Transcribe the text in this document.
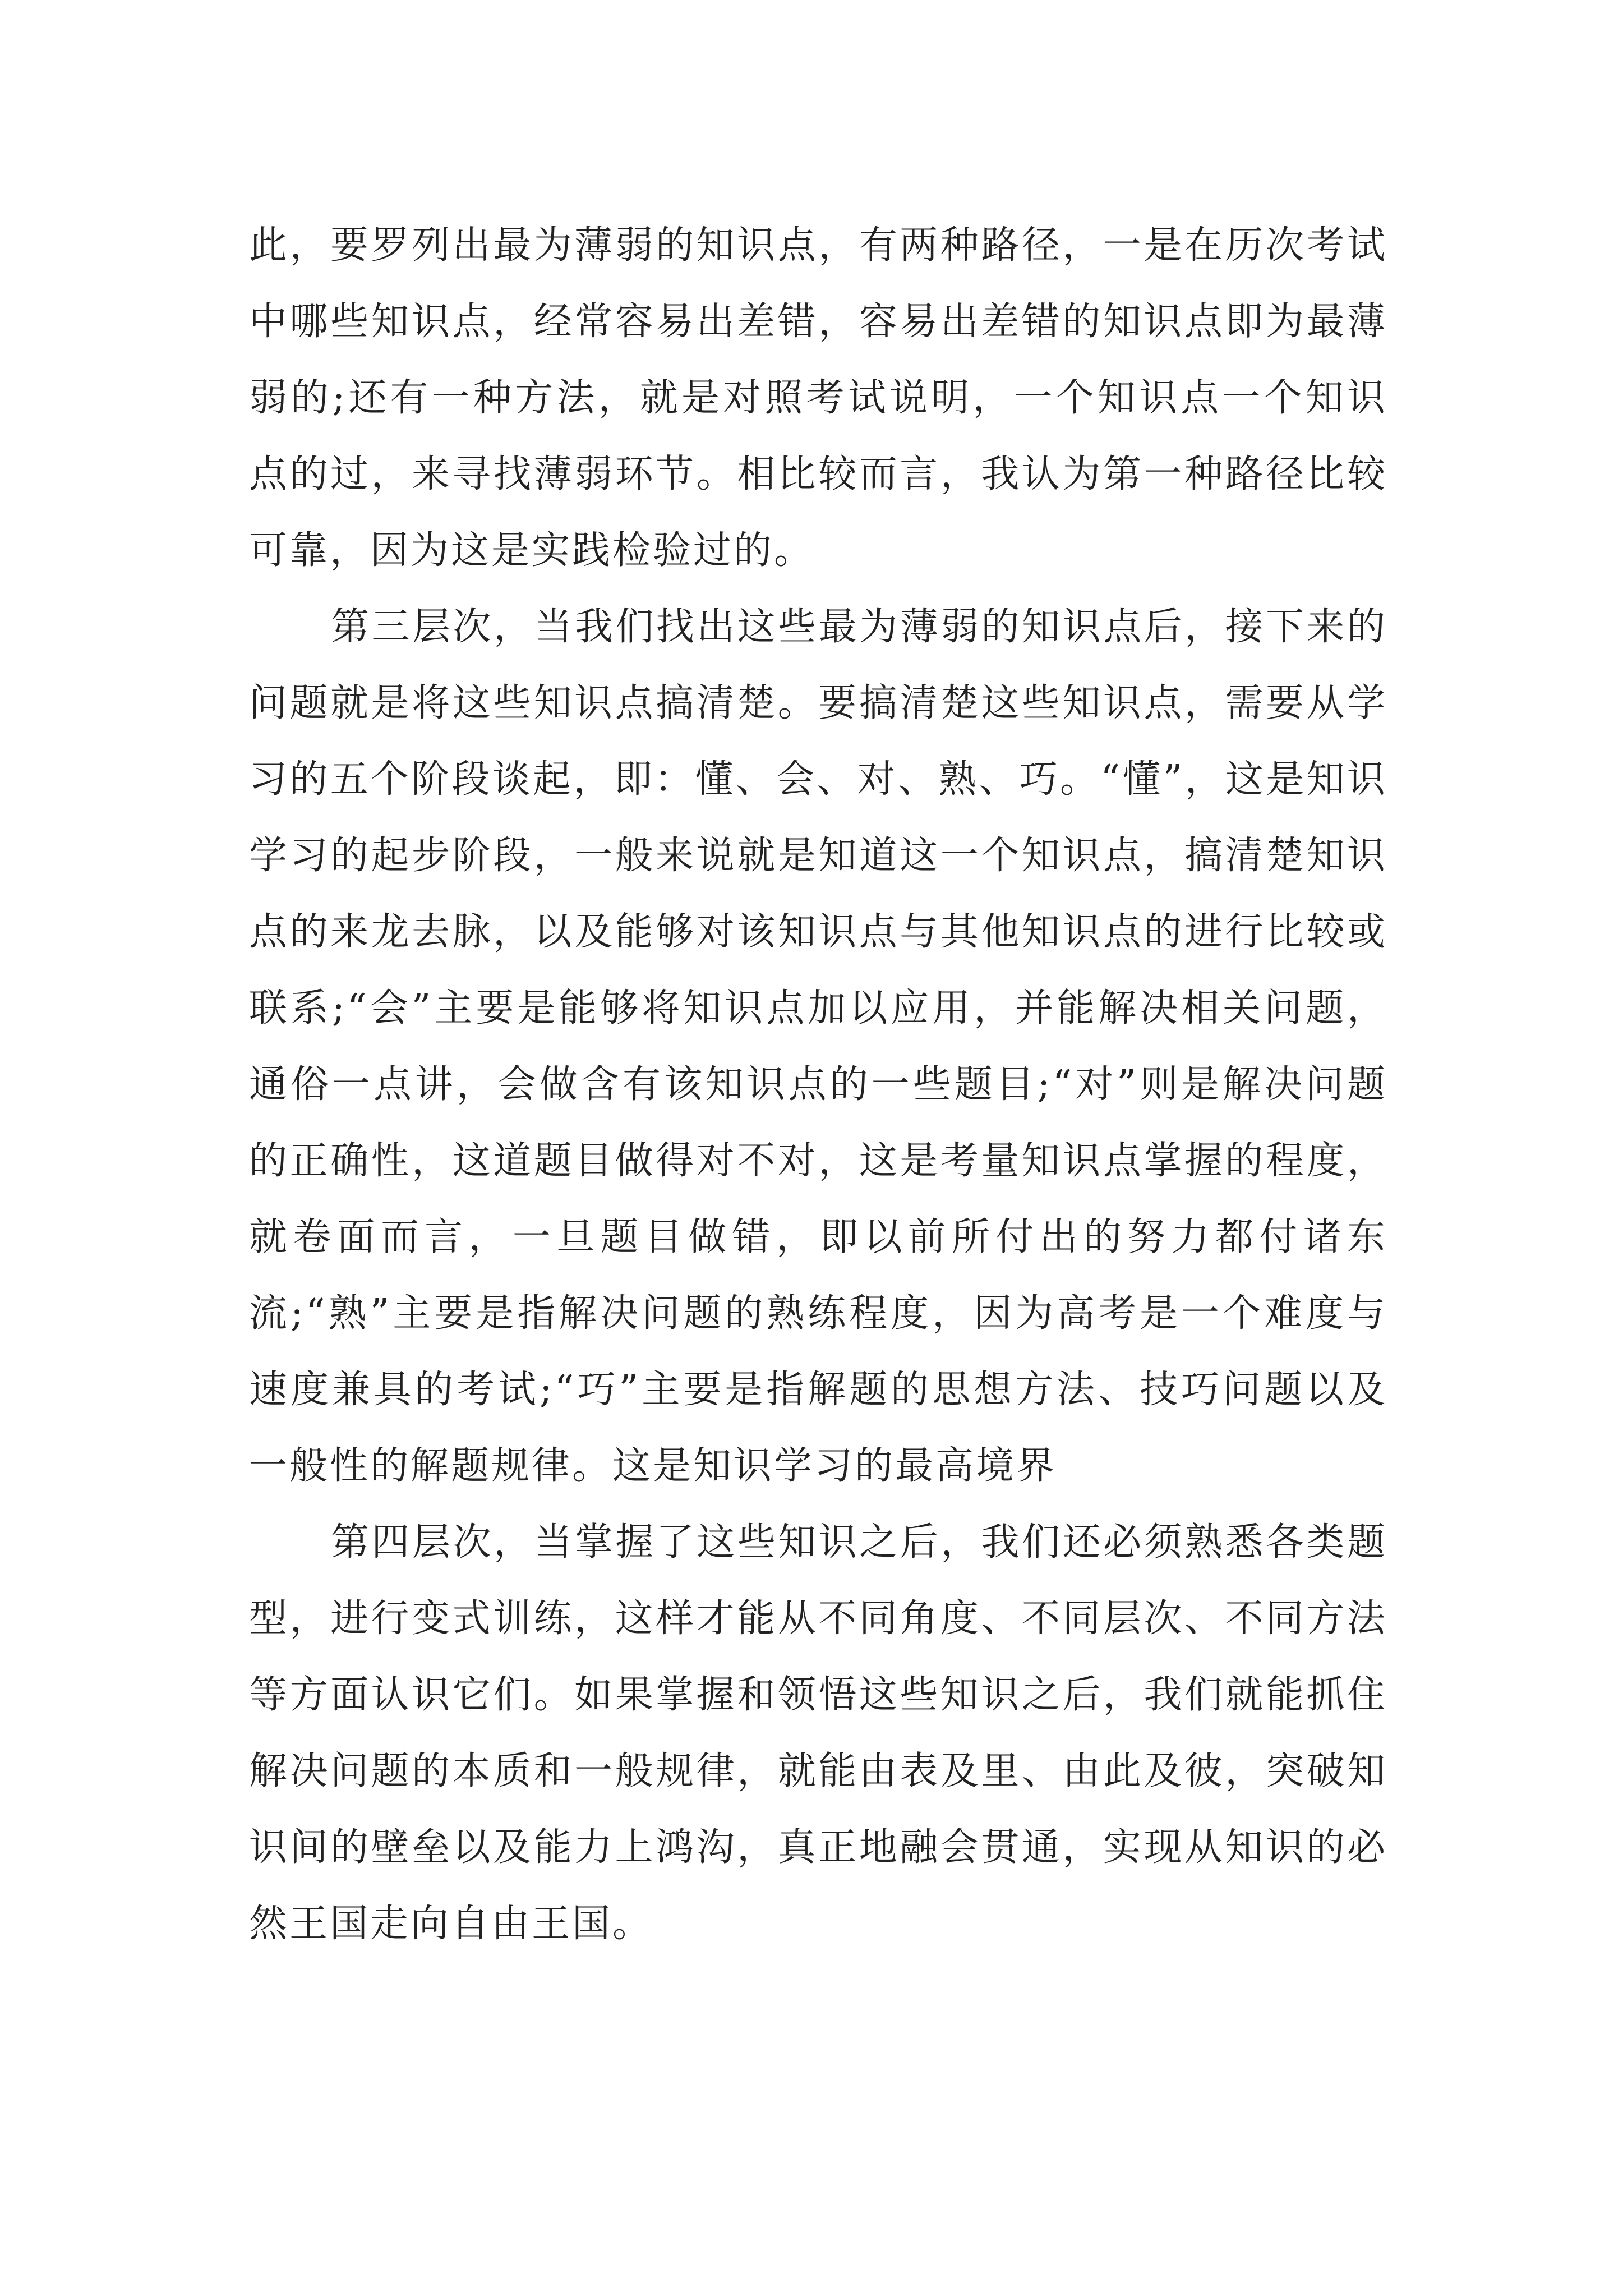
此，要罗列出最为薄弱的知识点，有两种路径，一是在历次考试中哪些知识点，经常容易出差错，容易出差错的知识点即为最薄弱的;还有一种方法，就是对照考试说明，一个知识点一个知识点的过，来寻找薄弱环节。相比较而言，我认为第一种路径比较可靠，因为这是实践检验过的。

第三层次，当我们找出这些最为薄弱的知识点后，接下来的问题就是将这些知识点搞清楚。要搞清楚这些知识点，需要从学习的五个阶段谈起，即：懂、会、对、熟、巧。“懂”，这是知识学习的起步阶段，一般来说就是知道这一个知识点，搞清楚知识点的来龙去脉，以及能够对该知识点与其他知识点的进行比较或联系;“会”主要是能够将知识点加以应用，并能解决相关问题，通俗一点讲，会做含有该知识点的一些题目;“对”则是解决问题的正确性，这道题目做得对不对，这是考量知识点掌握的程度，就卷面而言，一旦题目做错，即以前所付出的努力都付诸东流;“熟”主要是指解决问题的熟练程度，因为高考是一个难度与速度兼具的考试;“巧”主要是指解题的思想方法、技巧问题以及一般性的解题规律。这是知识学习的最高境界

第四层次，当掌握了这些知识之后，我们还必须熟悉各类题型，进行变式训练，这样才能从不同角度、不同层次、不同方法等方面认识它们。如果掌握和领悟这些知识之后，我们就能抓住解决问题的本质和一般规律，就能由表及里、由此及彼，突破知识间的壁垒以及能力上鸿沟，真正地融会贯通，实现从知识的必然王国走向自由王国。
